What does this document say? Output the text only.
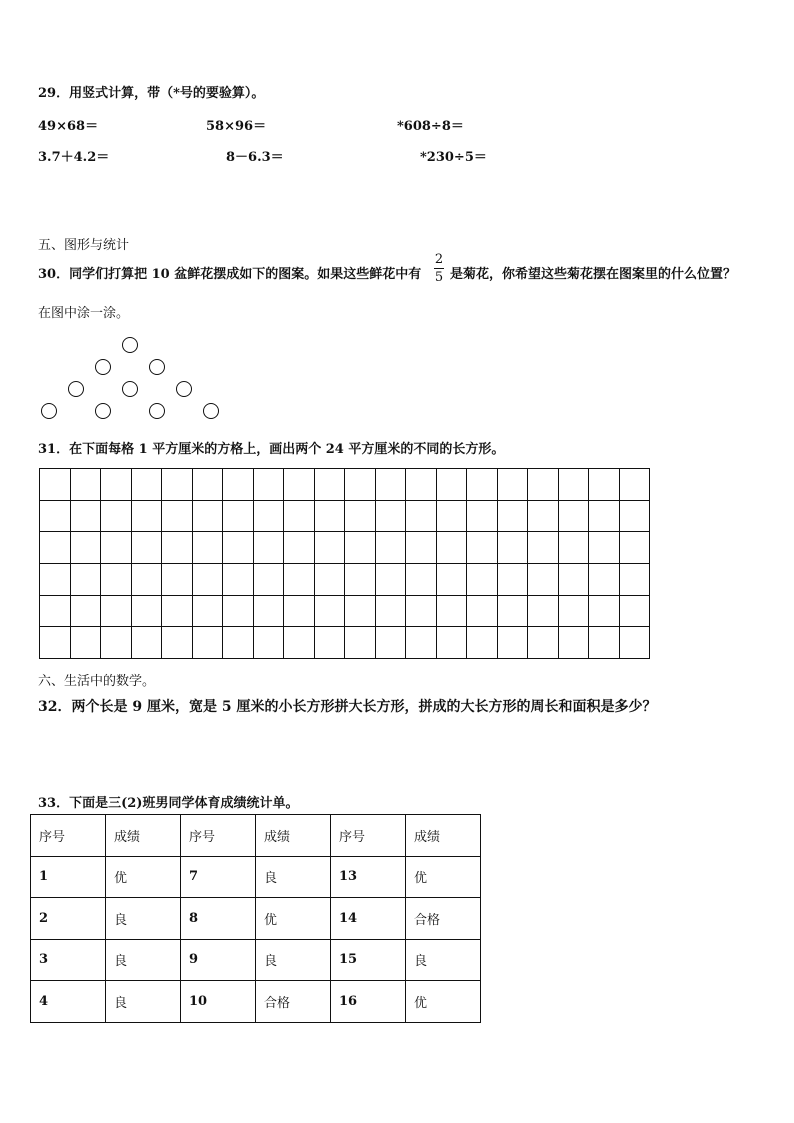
29．用竖式计算，带（*号的要验算）。
49×68＝	58×96＝	*608÷8＝
3.7＋4.2＝	8－6.3＝	*230÷5＝
五、图形与统计
30．同学们打算把 10 盆鲜花摆成如下的图案。如果这些鲜花中有
2
5 是菊花，你希望这些菊花摆在图案里的什么位置？
在图中涂一涂。
31．在下面每格 1 平方厘米的方格上，画出两个 24 平方厘米的不同的长方形。

六、生活中的数学。
32．两个长是 9 厘米，宽是 5 厘米的小长方形拼大长方形，拼成的大长方形的周长和面积是多少？
33．下面是三(2)班男同学体育成绩统计单。
序号	成绩	序号	成绩	序号	成绩
1	优	7	良	13	优
2	良	8	优	14	合格
3	良	9	良	15	良
4	良	10	合格	16	优
